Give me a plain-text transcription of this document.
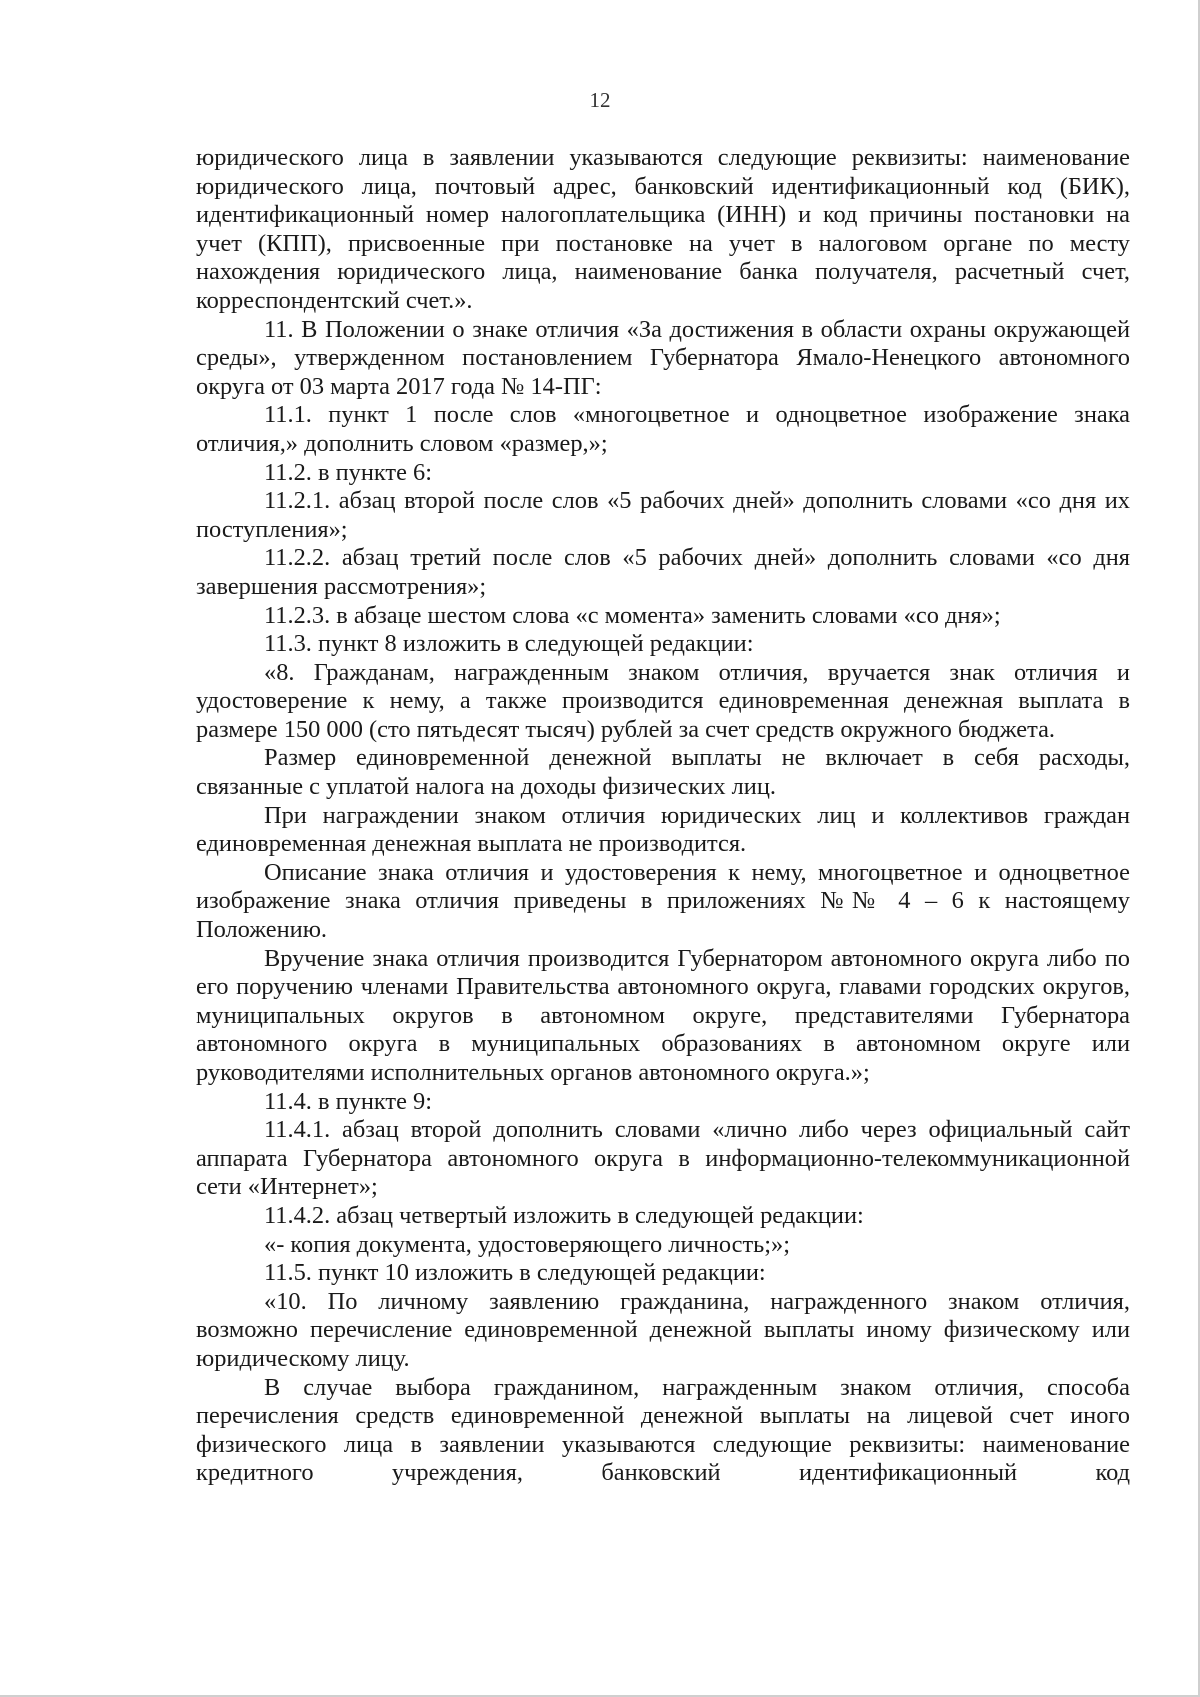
12

юридического лица в заявлении указываются следующие реквизиты: наименование юридического лица, почтовый адрес, банковский идентификационный код (БИК), идентификационный номер налогоплательщика (ИНН) и код причины постановки на учет (КПП), присвоенные при постановке на учет в налоговом органе по месту нахождения юридического лица, наименование банка получателя, расчетный счет, корреспондентский счет.».

11. В Положении о знаке отличия «За достижения в области охраны окружающей среды», утвержденном постановлением Губернатора Ямало-Ненецкого автономного округа от 03 марта 2017 года № 14-ПГ:

11.1. пункт 1 после слов «многоцветное и одноцветное изображение знака отличия,» дополнить словом «размер,»;

11.2. в пункте 6:

11.2.1. абзац второй после слов «5 рабочих дней» дополнить словами «со дня их поступления»;

11.2.2. абзац третий после слов «5 рабочих дней» дополнить словами «со дня завершения рассмотрения»;

11.2.3. в абзаце шестом слова «с момента» заменить словами «со дня»;

11.3. пункт 8 изложить в следующей редакции:

«8. Гражданам, награжденным знаком отличия, вручается знак отличия и удостоверение к нему, а также производится единовременная денежная выплата в размере 150 000 (сто пятьдесят тысяч) рублей за счет средств окружного бюджета.

Размер единовременной денежной выплаты не включает в себя расходы, связанные с уплатой налога на доходы физических лиц.

При награждении знаком отличия юридических лиц и коллективов граждан единовременная денежная выплата не производится.

Описание знака отличия и удостоверения к нему, многоцветное и одноцветное изображение знака отличия приведены в приложениях №№ 4 – 6 к настоящему Положению.

Вручение знака отличия производится Губернатором автономного округа либо по его поручению членами Правительства автономного округа, главами городских округов, муниципальных округов в автономном округе, представителями Губернатора автономного округа в муниципальных образованиях в автономном округе или руководителями исполнительных органов автономного округа.»;

11.4. в пункте 9:

11.4.1. абзац второй дополнить словами «лично либо через официальный сайт аппарата Губернатора автономного округа в информационно-телекоммуникационной сети «Интернет»;

11.4.2. абзац четвертый изложить в следующей редакции:

«- копия документа, удостоверяющего личность;»;

11.5. пункт 10 изложить в следующей редакции:

«10. По личному заявлению гражданина, награжденного знаком отличия, возможно перечисление единовременной денежной выплаты иному физическому или юридическому лицу.

В случае выбора гражданином, награжденным знаком отличия, способа перечисления средств единовременной денежной выплаты на лицевой счет иного физического лица в заявлении указываются следующие реквизиты: наименование кредитного учреждения, банковский идентификационный код
